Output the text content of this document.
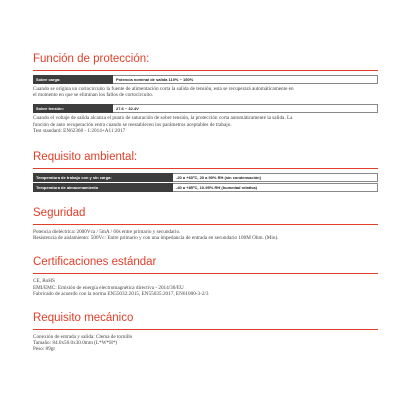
Función de protección:
Sobre carga:	Potencia nominal de salida 110% ~ 150%
Cuando se origina un cortocircuito la fuente de alimentación corta la salida de tensión, esta se recuperará automáticamente en
el momento en que se eliminan los fallos de cortocircuito.
Sobre tensión:	27.6 ~ 32.4V
Cuando el voltaje de salida alcanza el punto de saturación de sobre tensión, la protección corta automáticamente la salida. La
función de auto recuperación entra cuando se reestablecen los parámetros aceptables de trabajo.
Test standard: EN62368 - 1:2014+A11:2017
Requisito ambiental:
Temperatura de trabajo con y sin carga:	-20 a +60ºC, 20 a 90% RH (sin condensación)
Temperatura de almacenamiento	-40 a +85ºC, 10-95% RH (humedad relativa)
Seguridad
Potencia dieléctrica: 2000Vca / 5mA / 60s entre primario y secundario.
Resistencia de aislamiento: 500Vc: Entre primario y con una impedancia de entrada en secundario 100M Ohm. (Min).
Certificaciones estándar
CE, RoHS
EMI/EMC: Emisión de energía electromagnética directiva - 2014/30/EU
Fabricado de acuerdo con la norma EN55032:2015, EN55035:2017, EN61000-3-2/3
Requisito mecánico
Conexión de entrada y salida: Clema de tornillo
Tamaño: 84.0x56.0x30.0mm (L*W*H*)
Peso: 89gr
